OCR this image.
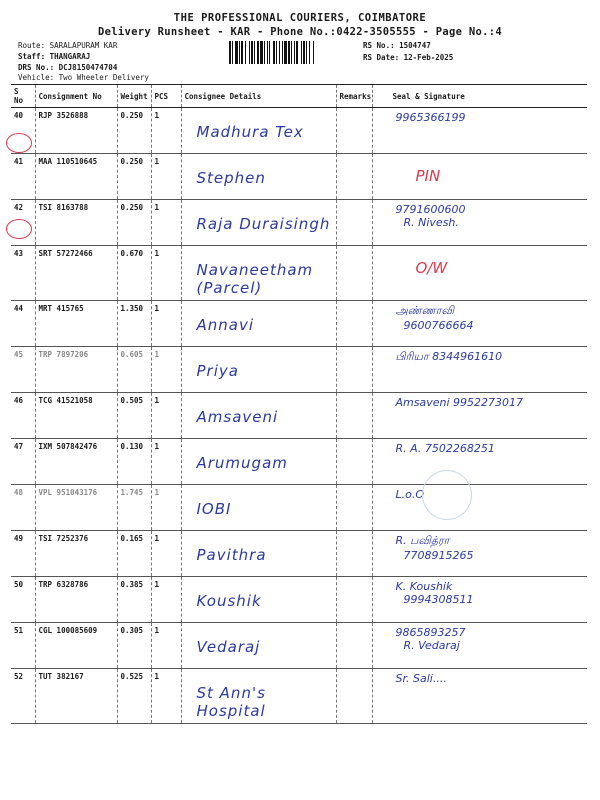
THE PROFESSIONAL COURIERS, COIMBATORE
Delivery Runsheet - KAR - Phone No.:0422-3505555 - Page No.:4
Route: SARALAPURAM KAR
Staff: THANGARAJ
DRS No.: DCJ8150474704
Vehicle: Two Wheeler Delivery
RS No.: 1504747
RS Date: 12-Feb-2025
S No	Consignment No	Weight	PCS	Consignee Details	Remarks	Seal & Signature
40	RJP 3526888	0.250	1	Madhura Tex		9965366199

41	MAA 110510645	0.250	1	Stephen		PIN

42	TSI 8163788	0.250	1	Raja Duraisingh		9791600600
R. Nivesh.

43	SRT 57272466	0.670	1	Navaneetham (Parcel)		O/W

44	MRT 415765	1.350	1	Annavi		அண்ணாவி
9600766664

45	TRP 7897206	0.605	1	Priya		பிரியா 8344961610

46	TCG 41521058	0.505	1	Amsaveni		Amsaveni 9952273017

47	IXM 507842476	0.130	1	Arumugam		R. A. 7502268251

48	VPL 951043176	1.745	1	IOBI		L.o.O

49	TSI 7252376	0.165	1	Pavithra		R. பவித்ரா
7708915265

50	TRP 6328786	0.385	1	Koushik		K. Koushik
9994308511

51	CGL 100085609	0.305	1	Vedaraj		9865893257
R. Vedaraj

52	TUT 382167	0.525	1	St Ann's Hospital		Sr. Sali....
